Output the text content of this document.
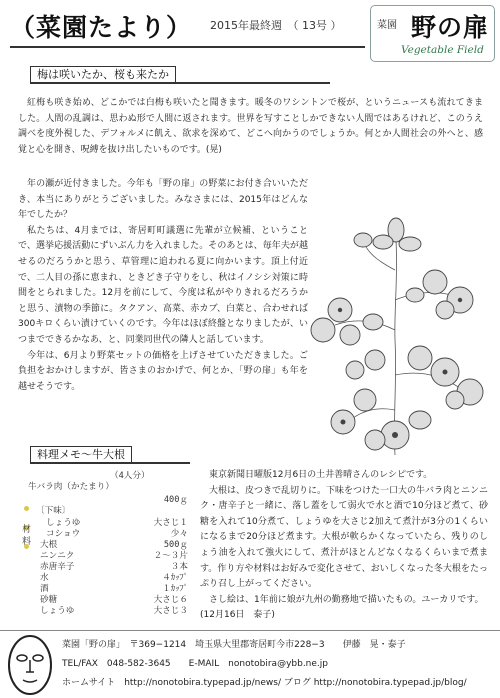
（菜園たより） 2015年最終週　（ 13号 ）	菜園 野の扉
Vegetable Field
梅は咲いたか、桜も来たか
紅梅も咲き始め、どこかでは白梅も咲いたと聞きます。暖冬のワシントンで桜が、というニュースも流れてきました。人間の乱調は、思わぬ形で人間に返されます。世界を写すことしかできない人間ではあるけれど、このうえ調べを度外視した、デフォルメに飢え、欲求を深めて、どこへ向かうのでしょうか。何とか人間社会の外へと、感覚と心を開き、呪縛を抜け出したいものです。(晃)
年の瀬が近付きました。今年も「野の扉」の野菜にお付き合いいただき、本当にありがとうございました。みなさまには、2015年はどんな年でしたか？
私たちは、4月までは、寄居町町議選に先輩が立候補、ということで、選挙応援活動にずいぶん力を入れました。そのあとは、毎年夫が越せるのだろうかと思う、草管理に追われる夏に向かいます。頂上付近で、二人目の孫に恵まれ、ときどき子守りをし、秋はイノシシ対策に時間をとられました。12月を前にして、今度は私がやりきれるだろうかと思う、漬物の季節に。タクアン、高菜、赤カブ、白菜と、合わせれば300キロくらい漬けていくのです。今年はほぼ終盤となりましたが、いつまでできるかなあ、と、同業同世代の隣人と話しています。
今年は、6月より野菜セットの価格を上げさせていただきました。ご負担をおかけしますが、皆さまのおかげで、何とか、「野の扉」も年を越せそうです。
料理メモ〜牛大根
（4人分）
牛バラ肉（かたまり）
400ｇ
〔下味〕
材料
しょうゆ	大さじ１
コショウ	少々
大根	500ｇ
ニンニク	２〜３片
赤唐辛子	３本
水	４ｶｯﾌﾟ
酒	１ｶｯﾌﾟ
砂糖	大さじ６
しょうゆ	大さじ３
東京新聞日曜版12月6日の土井善晴さんのレシピです。
大根は、皮つきで乱切りに。下味をつけた一口大の牛バラ肉とニンニク・唐辛子と一緒に、落し蓋をして弱火で水と酒で10分ほど煮て、砂糖を入れて10分煮て、しょうゆを大さじ2加えて煮汁が3分の1くらいになるまで20分ほど煮ます。大根が軟らかくなっていたら、残りのしょう油を入れて強火にして、煮汁がほとんどなくなるくらいまで煮ます。作り方や材料はお好みで変化させて、おいしくなった冬大根をたっぷり召し上がってください。
さし絵は、1年前に娘が九州の勤務地で描いたもの。ユーカリです。
(12月16日　泰子)
菜園「野の扉」　〒369−1214　埼玉県大里郡寄居町今市228−3　　伊藤　晃・泰子
TEL/FAX　048-582-3645　　E-MAIL　nonotobira@ybb.ne.jp
ホームサイト　http://nonotobira.typepad.jp/news/ ブログ http://nonotobira.typepad.jp/blog/
